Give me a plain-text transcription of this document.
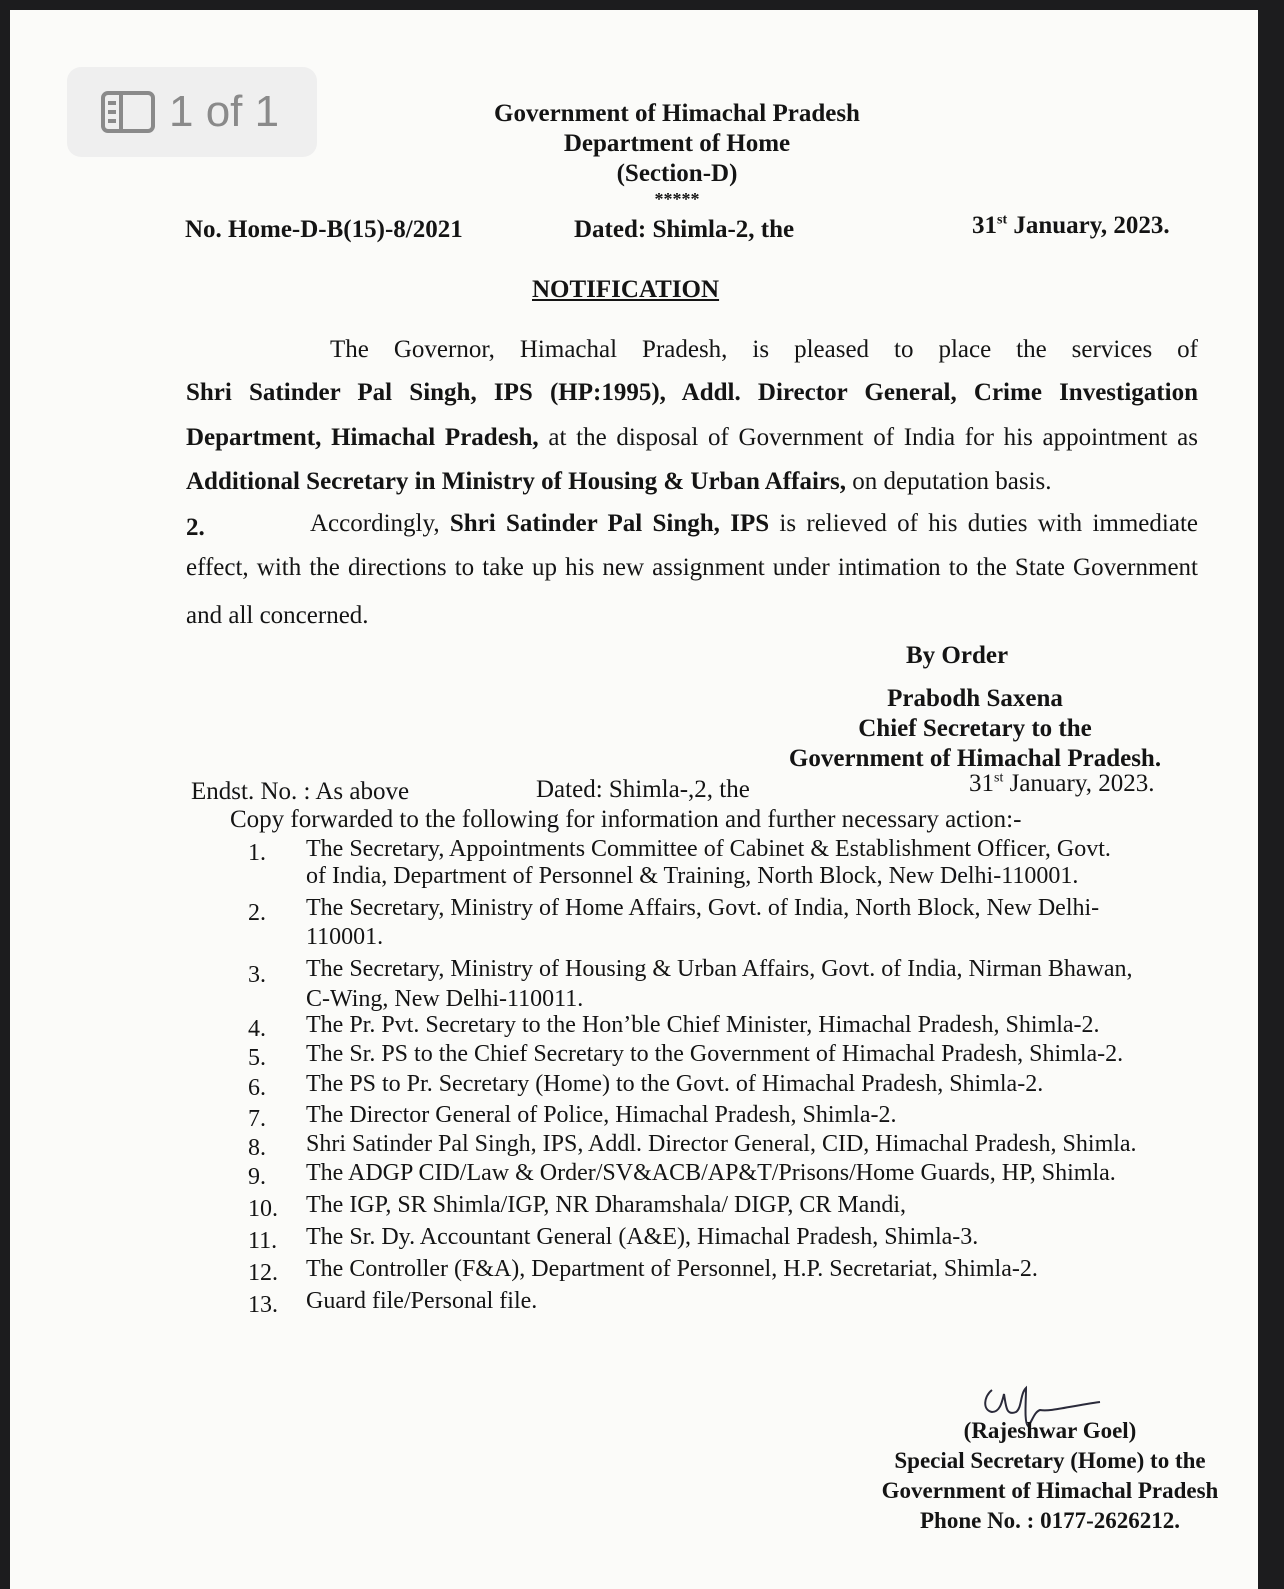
1 of 1	Government of Himachal Pradesh
Department of Home
(Section-D)
*****
No. Home-D-B(15)-8/2021	Dated: Shimla-2, the	31st January, 2023.
NOTIFICATION
The Governor, Himachal Pradesh, is pleased to place the services of
Shri Satinder Pal Singh, IPS (HP:1995), Addl. Director General, Crime Investigation
Department, Himachal Pradesh, at the disposal of Government of India for his appointment as
Additional Secretary in Ministry of Housing & Urban Affairs, on deputation basis.
2.	Accordingly, Shri Satinder Pal Singh, IPS is relieved of his duties with immediate
effect, with the directions to take up his new assignment under intimation to the State Government
and all concerned.
By Order
Prabodh Saxena
Chief Secretary to the
Government of Himachal Pradesh.
Endst. No. : As above	Dated: Shimla-,2, the	31st January, 2023.
Copy forwarded to the following for information and further necessary action:-
1.	The Secretary, Appointments Committee of Cabinet & Establishment Officer, Govt.
of India, Department of Personnel & Training, North Block, New Delhi-110001.
2.	The Secretary, Ministry of Home Affairs, Govt. of India, North Block, New Delhi-
110001.
3.	The Secretary, Ministry of Housing & Urban Affairs, Govt. of India, Nirman Bhawan,
C-Wing, New Delhi-110011.
4.	The Pr. Pvt. Secretary to the Hon’ble Chief Minister, Himachal Pradesh, Shimla-2.
5.	The Sr. PS to the Chief Secretary to the Government of Himachal Pradesh, Shimla-2.
6.	The PS to Pr. Secretary (Home) to the Govt. of Himachal Pradesh, Shimla-2.
7.	The Director General of Police, Himachal Pradesh, Shimla-2.
8.	Shri Satinder Pal Singh, IPS, Addl. Director General, CID, Himachal Pradesh, Shimla.
9.	The ADGP CID/Law & Order/SV&ACB/AP&T/Prisons/Home Guards, HP, Shimla.
10.	The IGP, SR Shimla/IGP, NR Dharamshala/ DIGP, CR Mandi,
11.	The Sr. Dy. Accountant General (A&E), Himachal Pradesh, Shimla-3.
12.	The Controller (F&A), Department of Personnel, H.P. Secretariat, Shimla-2.
13.	Guard file/Personal file.
(Rajeshwar Goel)
Special Secretary (Home) to the
Government of Himachal Pradesh
Phone No. : 0177-2626212.
